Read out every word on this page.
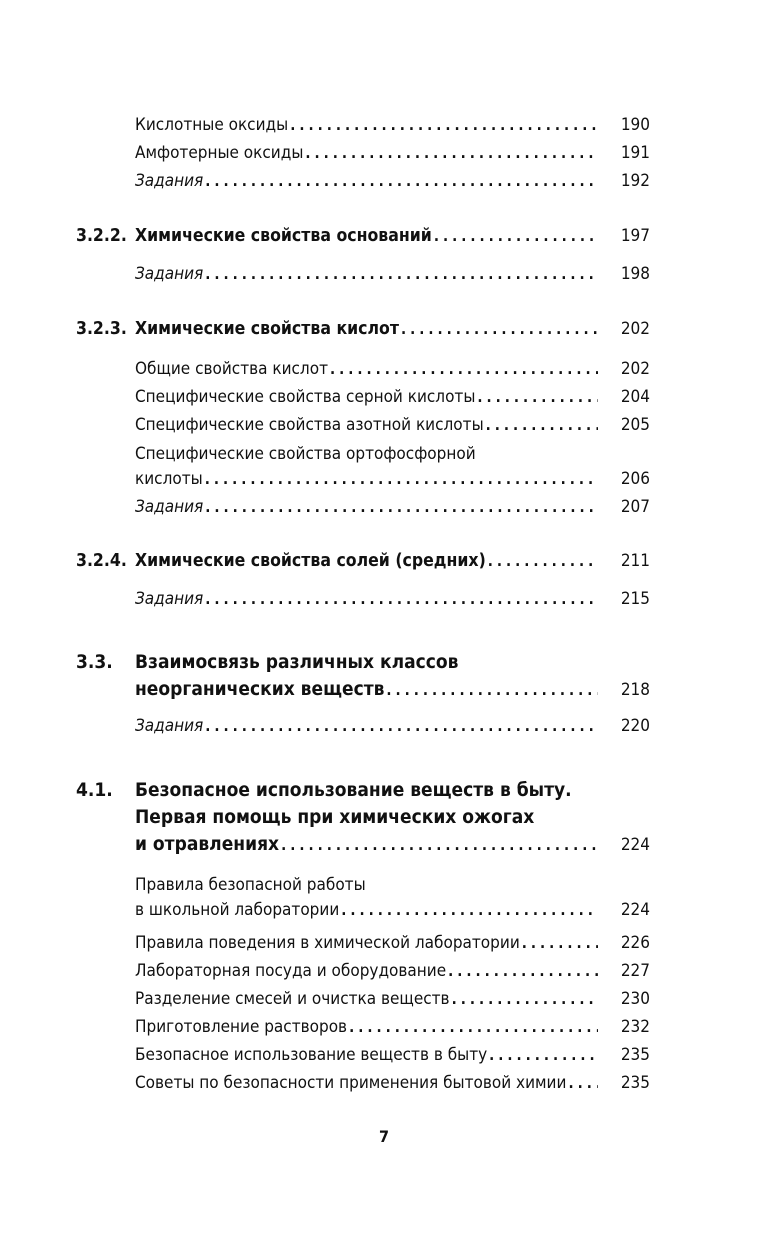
Кислотные оксиды .....	190
Амфотерные оксиды .....	191
Задания .....	192
3.2.2. Химические свойства оснований .....	197
Задания .....	198
3.2.3. Химические свойства кислот .....	202
Общие свойства кислот .....	202
Специфические свойства серной кислоты .....	204
Специфические свойства азотной кислоты .....	205
Специфические свойства ортофосфорной
кислоты .....	206
Задания .....	207
3.2.4. Химические свойства солей (средних) .....	211
Задания .....	215
3.3. Взаимосвязь различных классов
неорганических веществ .....	218
Задания .....	220
4.1. Безопасное использование веществ в быту.
Первая помощь при химических ожогах
и отравлениях .....	224
Правила безопасной работы
в школьной лаборатории .....	224
Правила поведения в химической лаборатории .....	226
Лабораторная посуда и оборудование .....	227
Разделение смесей и очистка веществ .....	230
Приготовление растворов .....	232
Безопасное использование веществ в быту .....	235
Советы по безопасности применения бытовой химии .....	235
7
